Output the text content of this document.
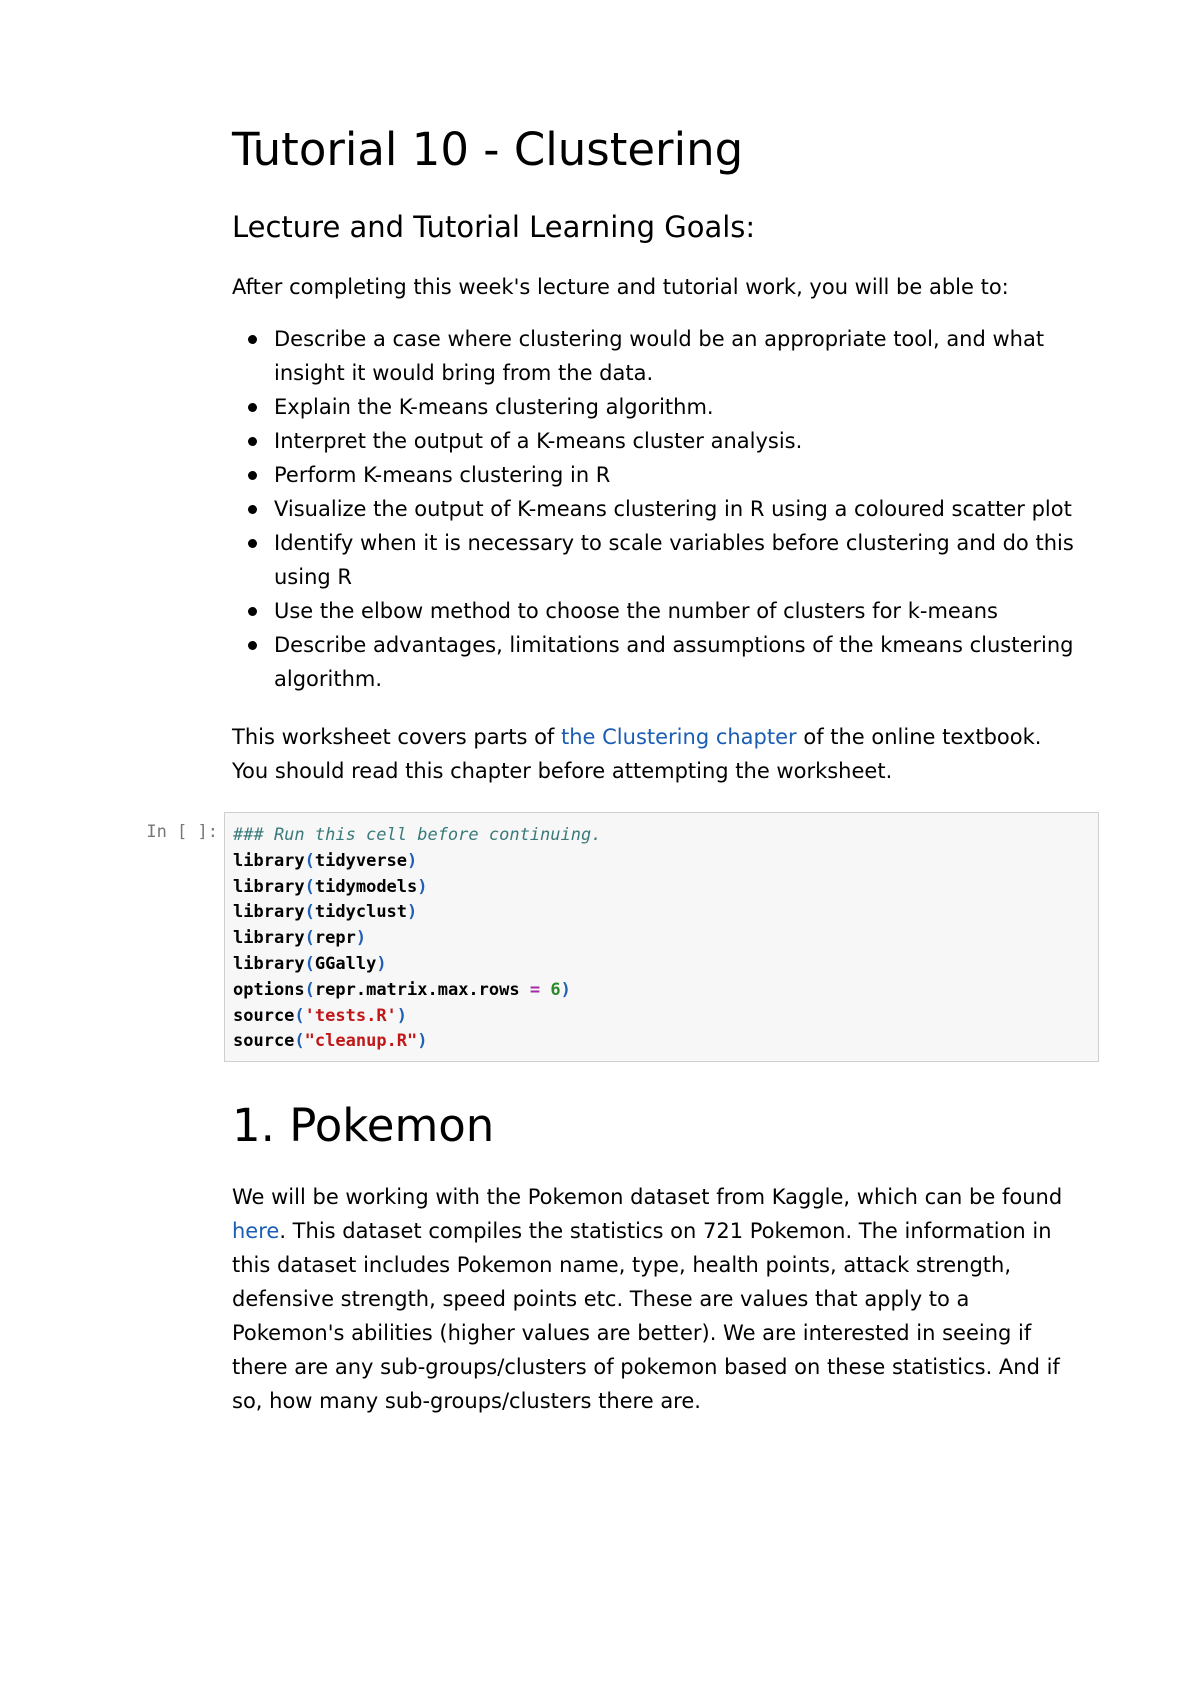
Tutorial 10 - Clustering
Lecture and Tutorial Learning Goals:

After completing this week's lecture and tutorial work, you will be able to:

Describe a case where clustering would be an appropriate tool, and what insight it would bring from the data.
Explain the K-means clustering algorithm.
Interpret the output of a K-means cluster analysis.
Perform K-means clustering in R
Visualize the output of K-means clustering in R using a coloured scatter plot
Identify when it is necessary to scale variables before clustering and do this using R
Use the elbow method to choose the number of clusters for k-means
Describe advantages, limitations and assumptions of the kmeans clustering algorithm.

This worksheet covers parts of the Clustering chapter of the online textbook. You should read this chapter before attempting the worksheet.

In [ ]: ### Run this cell before continuing.
library(tidyverse)
library(tidymodels)
library(tidyclust)
library(repr)
library(GGally)
options(repr.matrix.max.rows = 6)
source('tests.R')
source("cleanup.R")
1. Pokemon

We will be working with the Pokemon dataset from Kaggle, which can be found here. This dataset compiles the statistics on 721 Pokemon. The information in this dataset includes Pokemon name, type, health points, attack strength, defensive strength, speed points etc. These are values that apply to a Pokemon's abilities (higher values are better). We are interested in seeing if there are any sub-groups/clusters of pokemon based on these statistics. And if so, how many sub-groups/clusters there are.
